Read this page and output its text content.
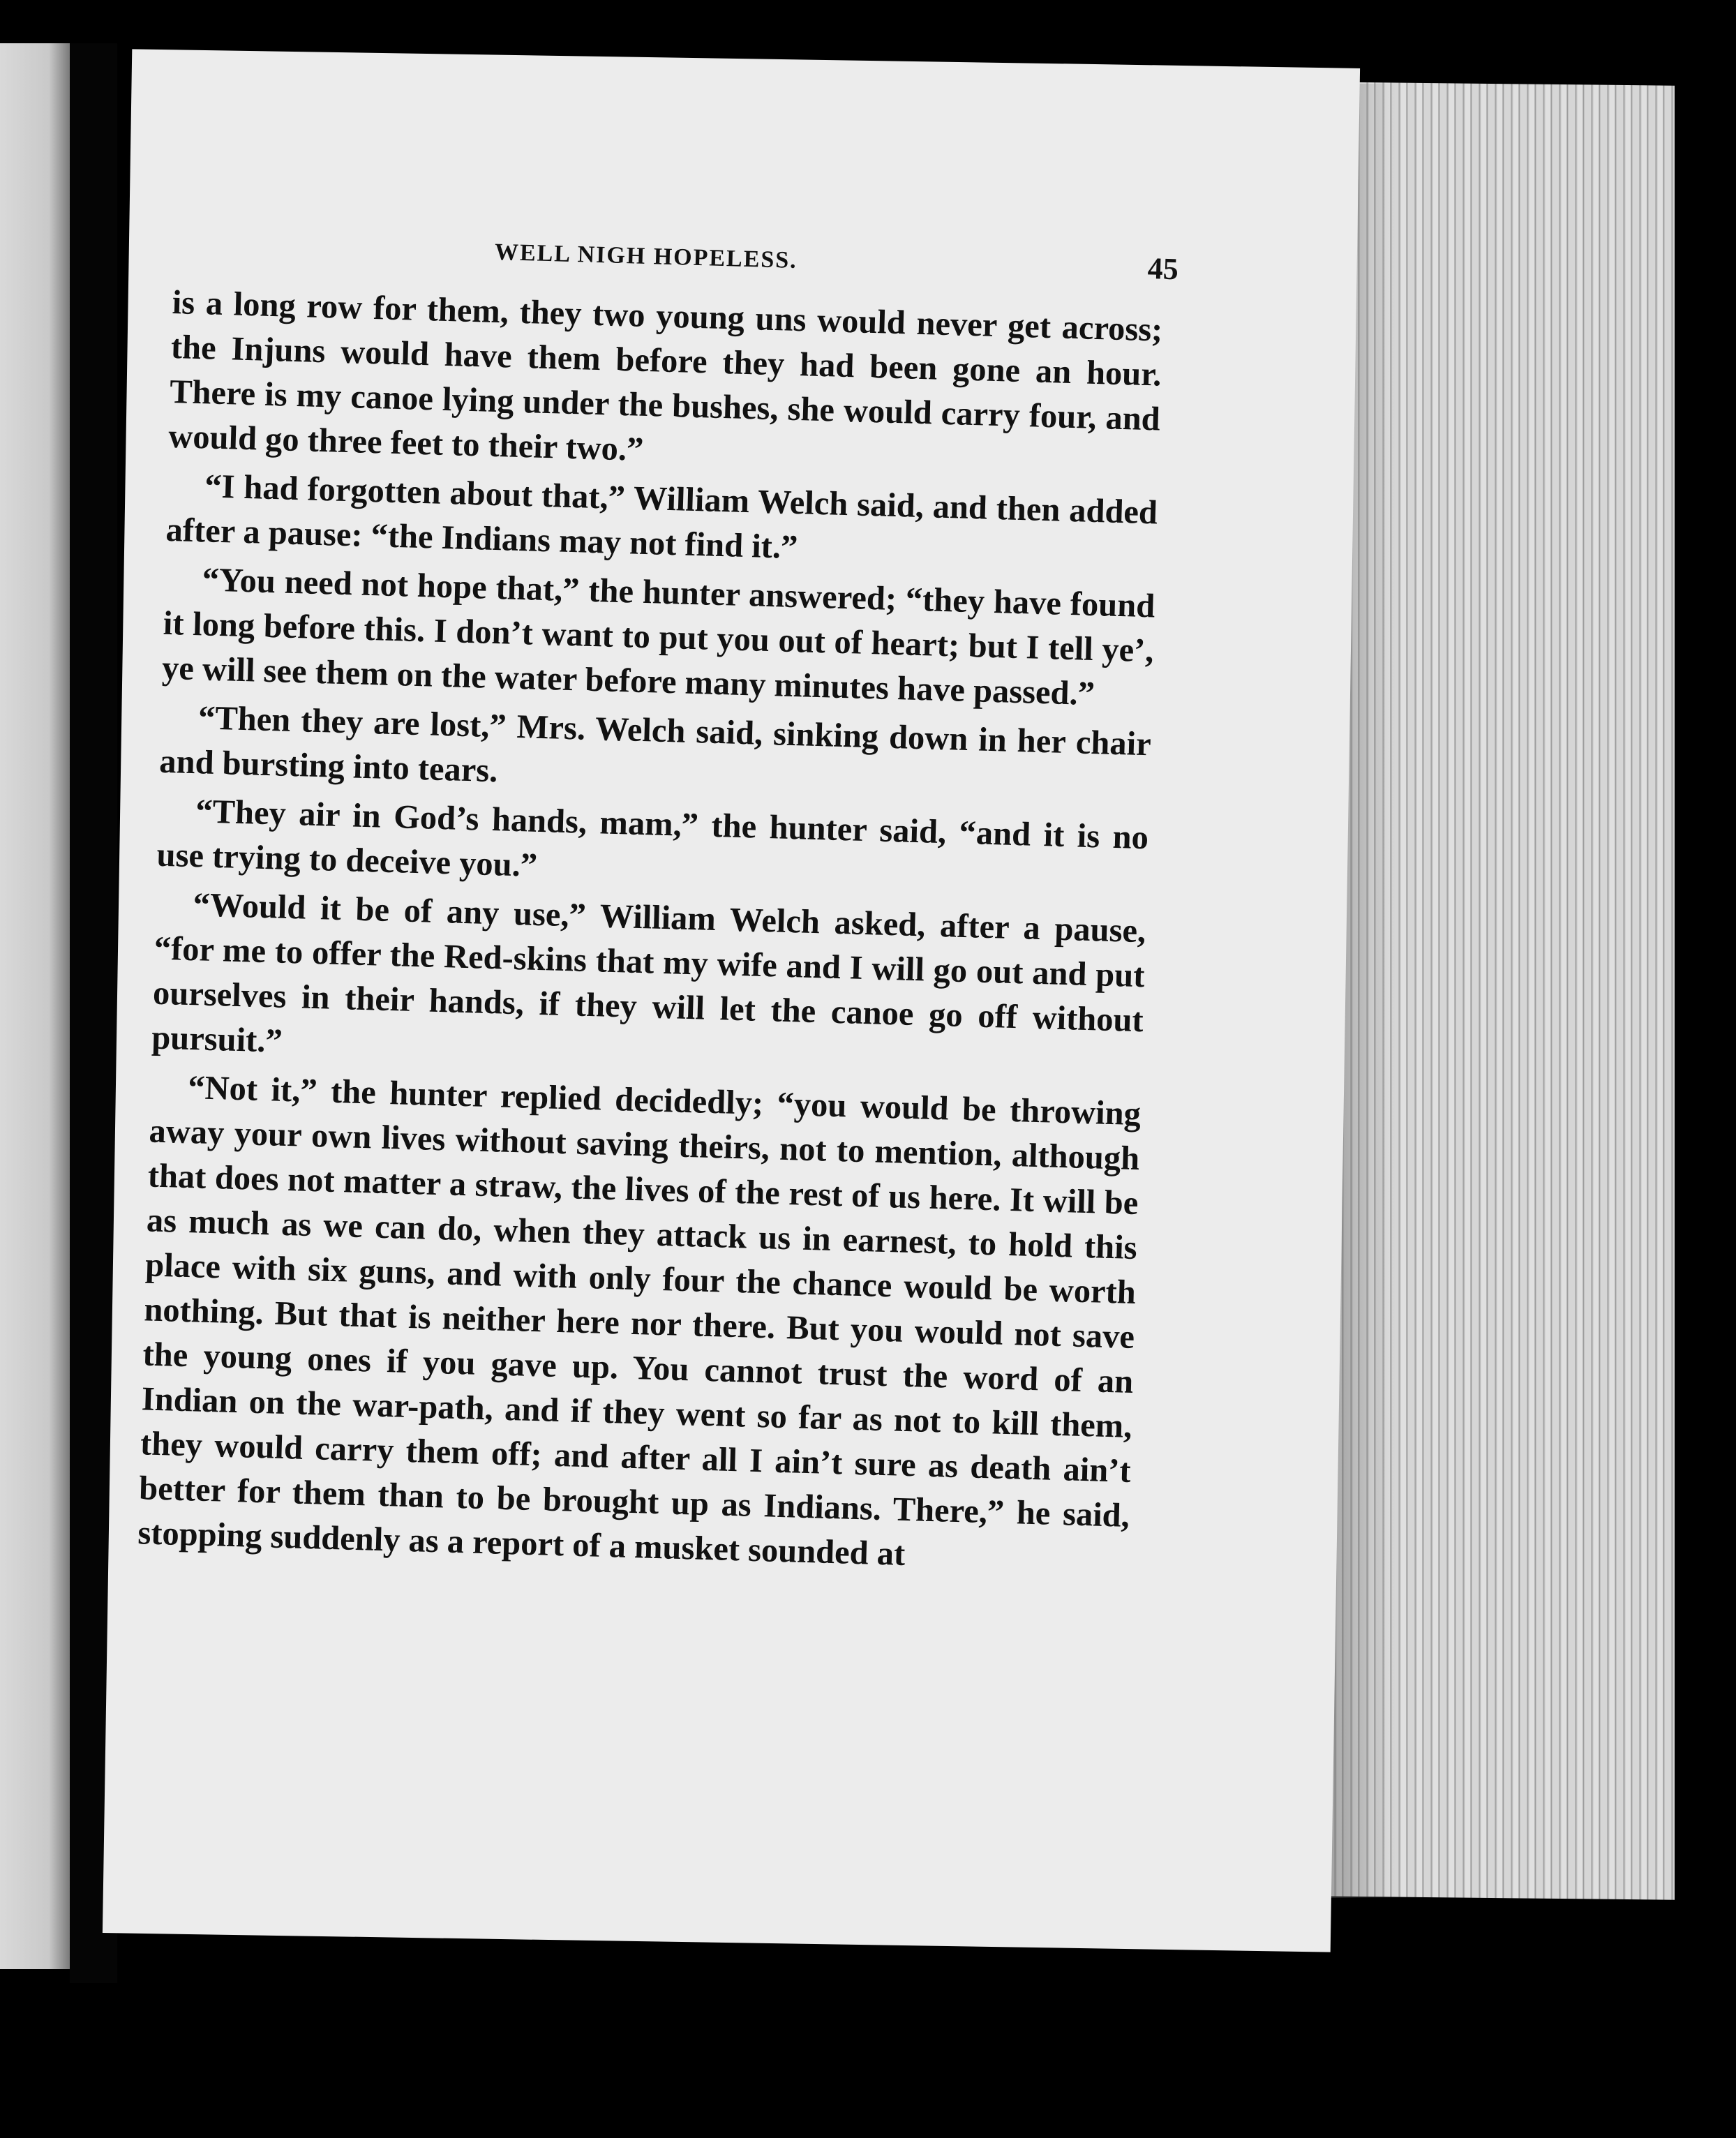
WELL NIGH HOPELESS.	45

is a long row for them, they two young uns would never get across; the Injuns would have them before they had been gone an hour. There is my canoe lying under the bushes, she would carry four, and would go three feet to their two.”

“I had forgotten about that,” William Welch said, and then added after a pause: “the Indians may not find it.”

“You need not hope that,” the hunter answered; “they have found it long before this. I don’t want to put you out of heart; but I tell ye’, ye will see them on the water before many minutes have passed.”

“Then they are lost,” Mrs. Welch said, sinking down in her chair and bursting into tears.

“They air in God’s hands, mam,” the hunter said, “and it is no use trying to deceive you.”

“Would it be of any use,” William Welch asked, after a pause, “for me to offer the Red-skins that my wife and I will go out and put ourselves in their hands, if they will let the canoe go off without pursuit.”

“Not it,” the hunter replied decidedly; “you would be throwing away your own lives without saving theirs, not to mention, although that does not matter a straw, the lives of the rest of us here. It will be as much as we can do, when they attack us in earnest, to hold this place with six guns, and with only four the chance would be worth nothing. But that is neither here nor there. But you would not save the young ones if you gave up. You cannot trust the word of an Indian on the war-path, and if they went so far as not to kill them, they would carry them off; and after all I ain’t sure as death ain’t better for them than to be brought up as Indians. There,” he said, stopping suddenly as a report of a musket sounded at
